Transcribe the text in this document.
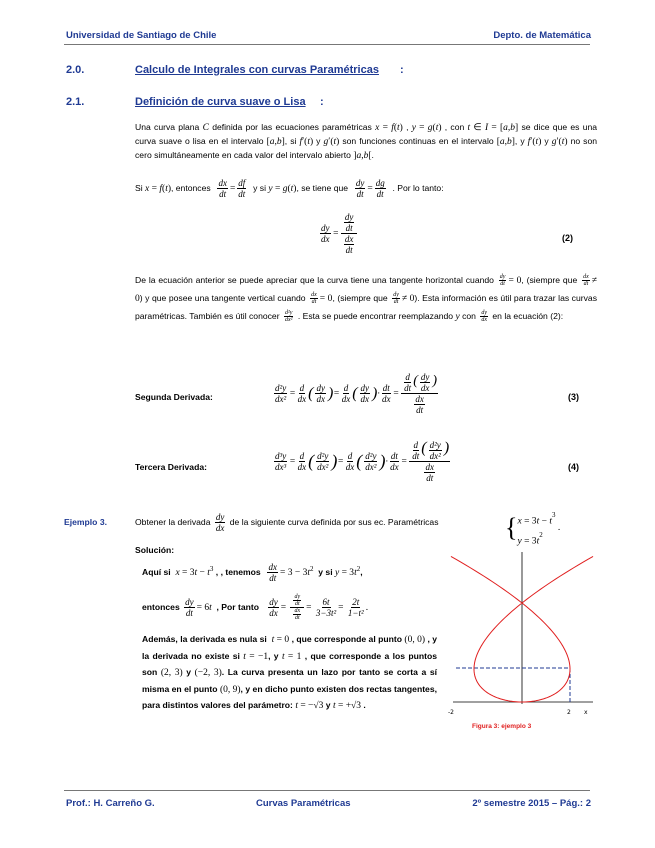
Universidad de Santiago de Chile	Depto. de Matemática
2.0.	Calculo de Integrales con curvas Paramétricas :
2.1.	Definición de curva suave o Lisa :
Una curva plana C definida por las ecuaciones paramétricas x = f(t) , y = g(t) , con t ∈ I = [a,b] se dice que es una curva suave o lisa en el intervalo [a,b], si f′(t) y g′(t) son funciones continuas en el intervalo [a,b], y f′(t) y g′(t) no son cero simultáneamente en cada valor del intervalo abierto ]a,b[.
Si x = f(t), entonces $\frac{dx}{dt} = \frac{df}{dt}$ y si y = g(t), se tiene que $\frac{dy}{dt} = \frac{dg}{dt}$ . Por lo tanto:
$\frac{dy}{dx} = \frac{\frac{dy}{dt}}{\frac{dx}{dt}}$	(2)
De la ecuación anterior se puede apreciar que la curva tiene una tangente horizontal cuando $\frac{dy}{dt} = 0$, (siempre que $\frac{dx}{dt} \ne 0$) y que posee una tangente vertical cuando $\frac{dx}{dt} = 0$, (siempre que $\frac{dy}{dt} \ne 0$). Esta información es útil para trazar las curvas paramétricas. También es útil conocer $\frac{\text{d²y}}{\text{dx²}}$ . Esta se puede encontrar reemplazando y con $\frac{dy}{dx}$ en la ecuación (2):
Segunda Derivada:	$\frac{\text{d²y}}{\text{dx²}} = \frac{d}{dx}$ ( $\frac{dy}{dx}$ ) = $\frac{d}{dx}$ ( $\frac{dy}{dx}$ ) · $\frac{dt}{dx} = \frac{\frac{d}{dt} ( \frac{dy}{dx} )}{\frac{dx}{dt}}$	(3)
Tercera Derivada:	$\frac{\text{d³y}}{\text{dx³}} = \frac{d}{dx}$ ( $\frac{\text{d²y}}{\text{dx²}}$ ) = $\frac{d}{dx}$ ( $\frac{\text{d²y}}{\text{dx²}}$ ) · $\frac{dt}{dx} = \frac{\frac{d}{dt} ( \frac{\text{d²y}}{\text{dx²}} )}{\frac{dx}{dt}}$	(4)
Ejemplo 3.	Obtener la derivada $\frac{dy}{dx}$ de la siguiente curva definida por sus ec. Paramétricas	{ $x = 3t - t^3$
$y = 3t^2$
.
Solución:
Aquí si $x = 3t - t^3$ , , tenemos $\frac{dx}{dt} = 3 - 3t^2$ y si $y = 3t^2$,
entonces $\frac{dy}{dt} = 6t$ , Por tanto $\frac{dy}{dx} = \frac{\frac{dy}{dt}}{\frac{dx}{dt}} = \frac{6t}{\text{3−3t²}} = \frac{2t}{\text{1−t²}}$ .
Además, la derivada es nula si t = 0 , que corresponde al punto (0, 0) , y la derivada no existe si t = −1, y t = 1 , que corresponde a los puntos son (2, 3) y (−2, 3). La curva presenta un lazo por tanto se corta a sí misma en el punto (0, 9), y en dicho punto existen dos rectas tangentes, para distintos valores del parámetro: t = −√3 y t = +√3 .
-2	2 x
Figura 3: ejemplo 3
Prof.: H. Carreño G.	Curvas Paramétricas	2º semestre 2015 – Pág.: 2
